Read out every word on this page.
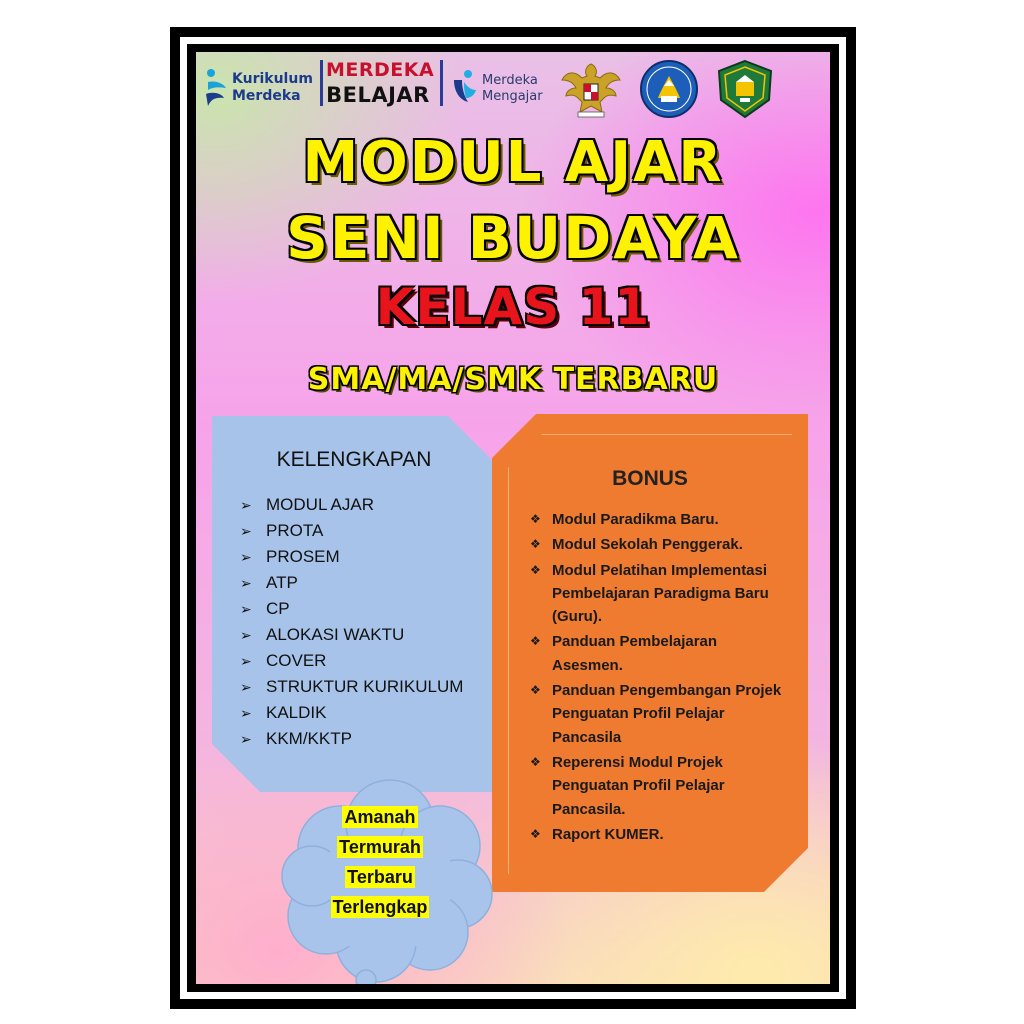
Kurikulum
Merdeka
MERDEKA
BELAJAR
Merdeka
Mengajar
MODUL AJAR
SENI BUDAYA
KELAS 11
SMA/MA/SMK TERBARU
KELENGKAPAN
➢ MODUL AJAR
➢ PROTA
➢ PROSEM
➢ ATP
➢ CP
➢ ALOKASI WAKTU
➢ COVER
➢ STRUKTUR KURIKULUM
➢ KALDIK
➢ KKM/KKTP
BONUS
❖ Modul Paradikma Baru.
❖ Modul Sekolah Penggerak.
❖ Modul Pelatihan Implementasi Pembelajaran Paradigma Baru (Guru).
❖ Panduan Pembelajaran Asesmen.
❖ Panduan Pengembangan Projek Penguatan Profil Pelajar Pancasila
❖ Reperensi Modul Projek Penguatan Profil Pelajar Pancasila.
❖ Raport KUMER.
Amanah
Termurah
Terbaru
Terlengkap
